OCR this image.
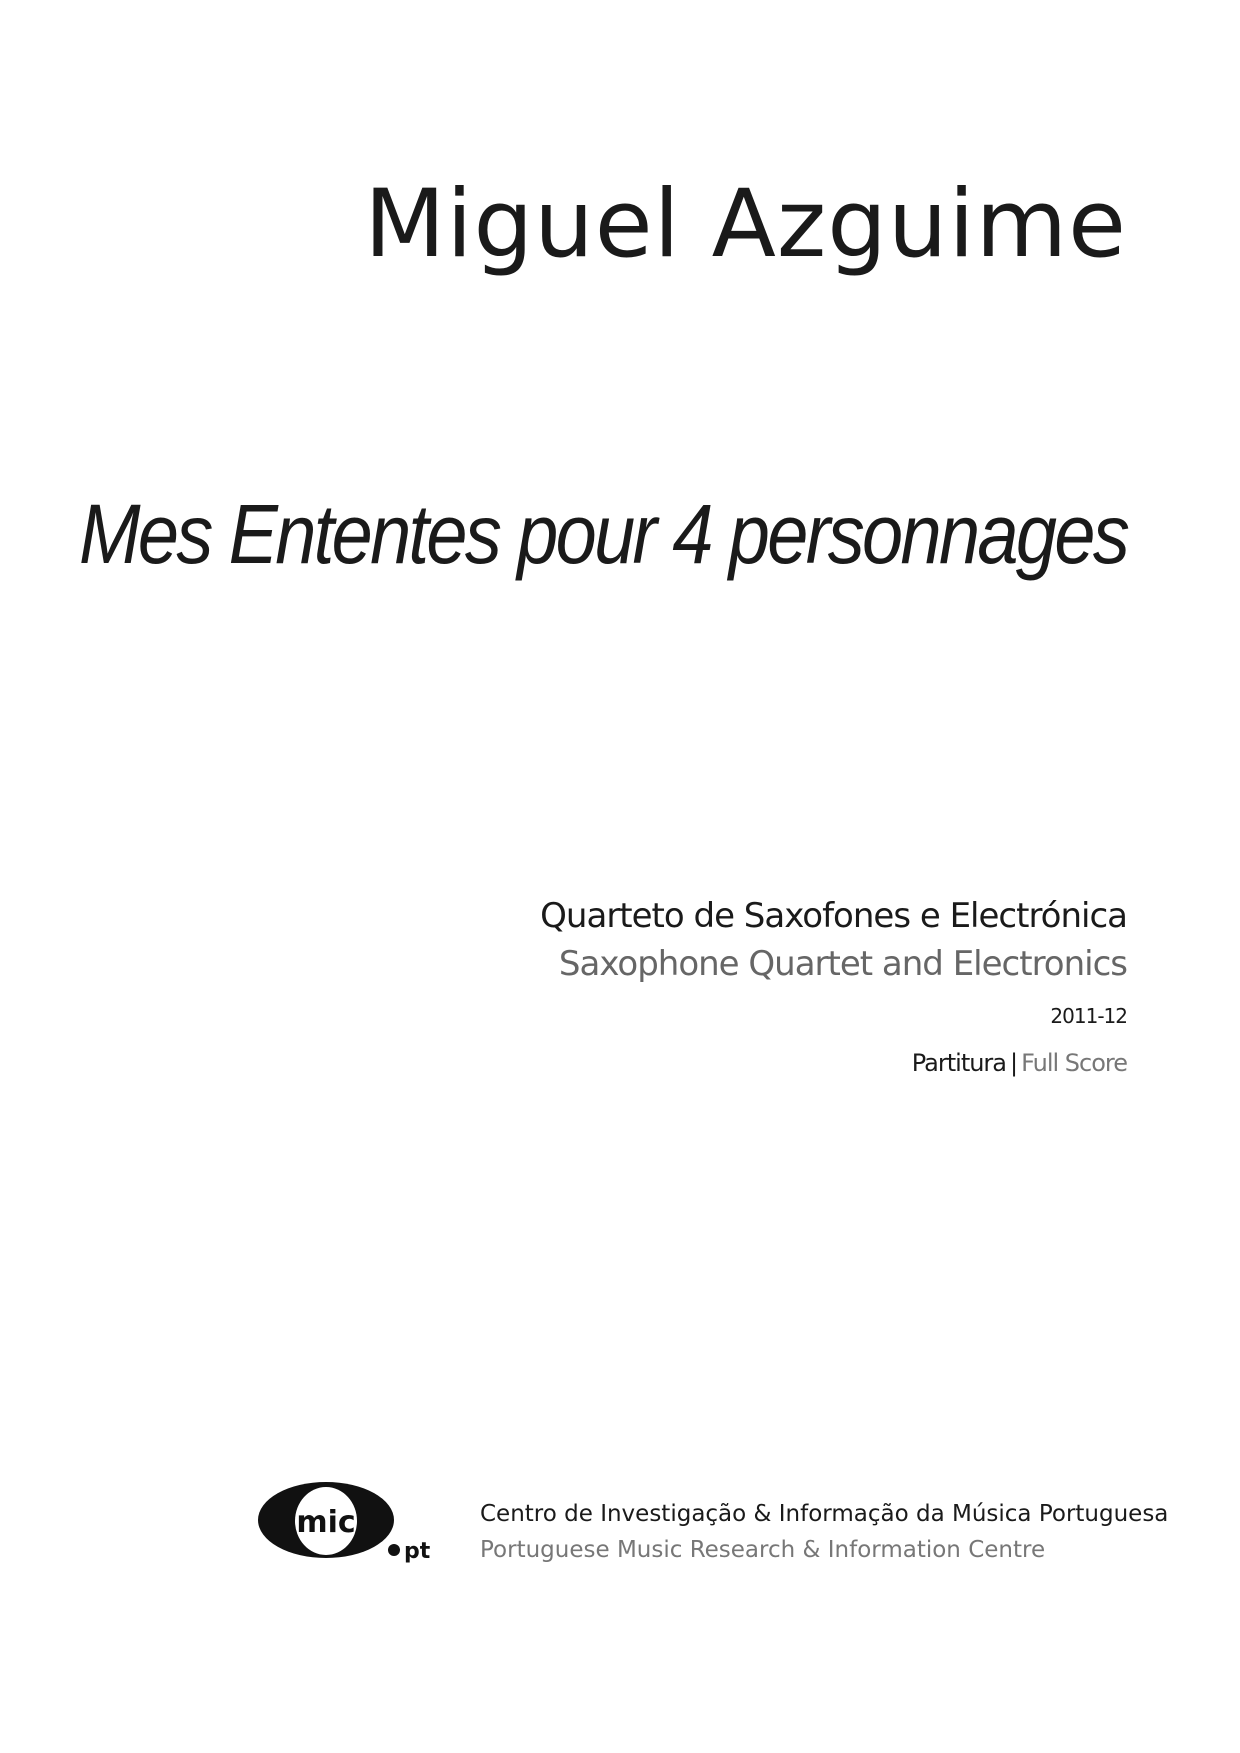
Miguel Azguime
Mes Ententes pour 4 personnages
Quarteto de Saxofones e Electrónica
Saxophone Quartet and Electronics
2011-12
Partitura | Full Score
mic
pt
Centro de Investigação & Informação da Música Portuguesa
Portuguese Music Research & Information Centre
